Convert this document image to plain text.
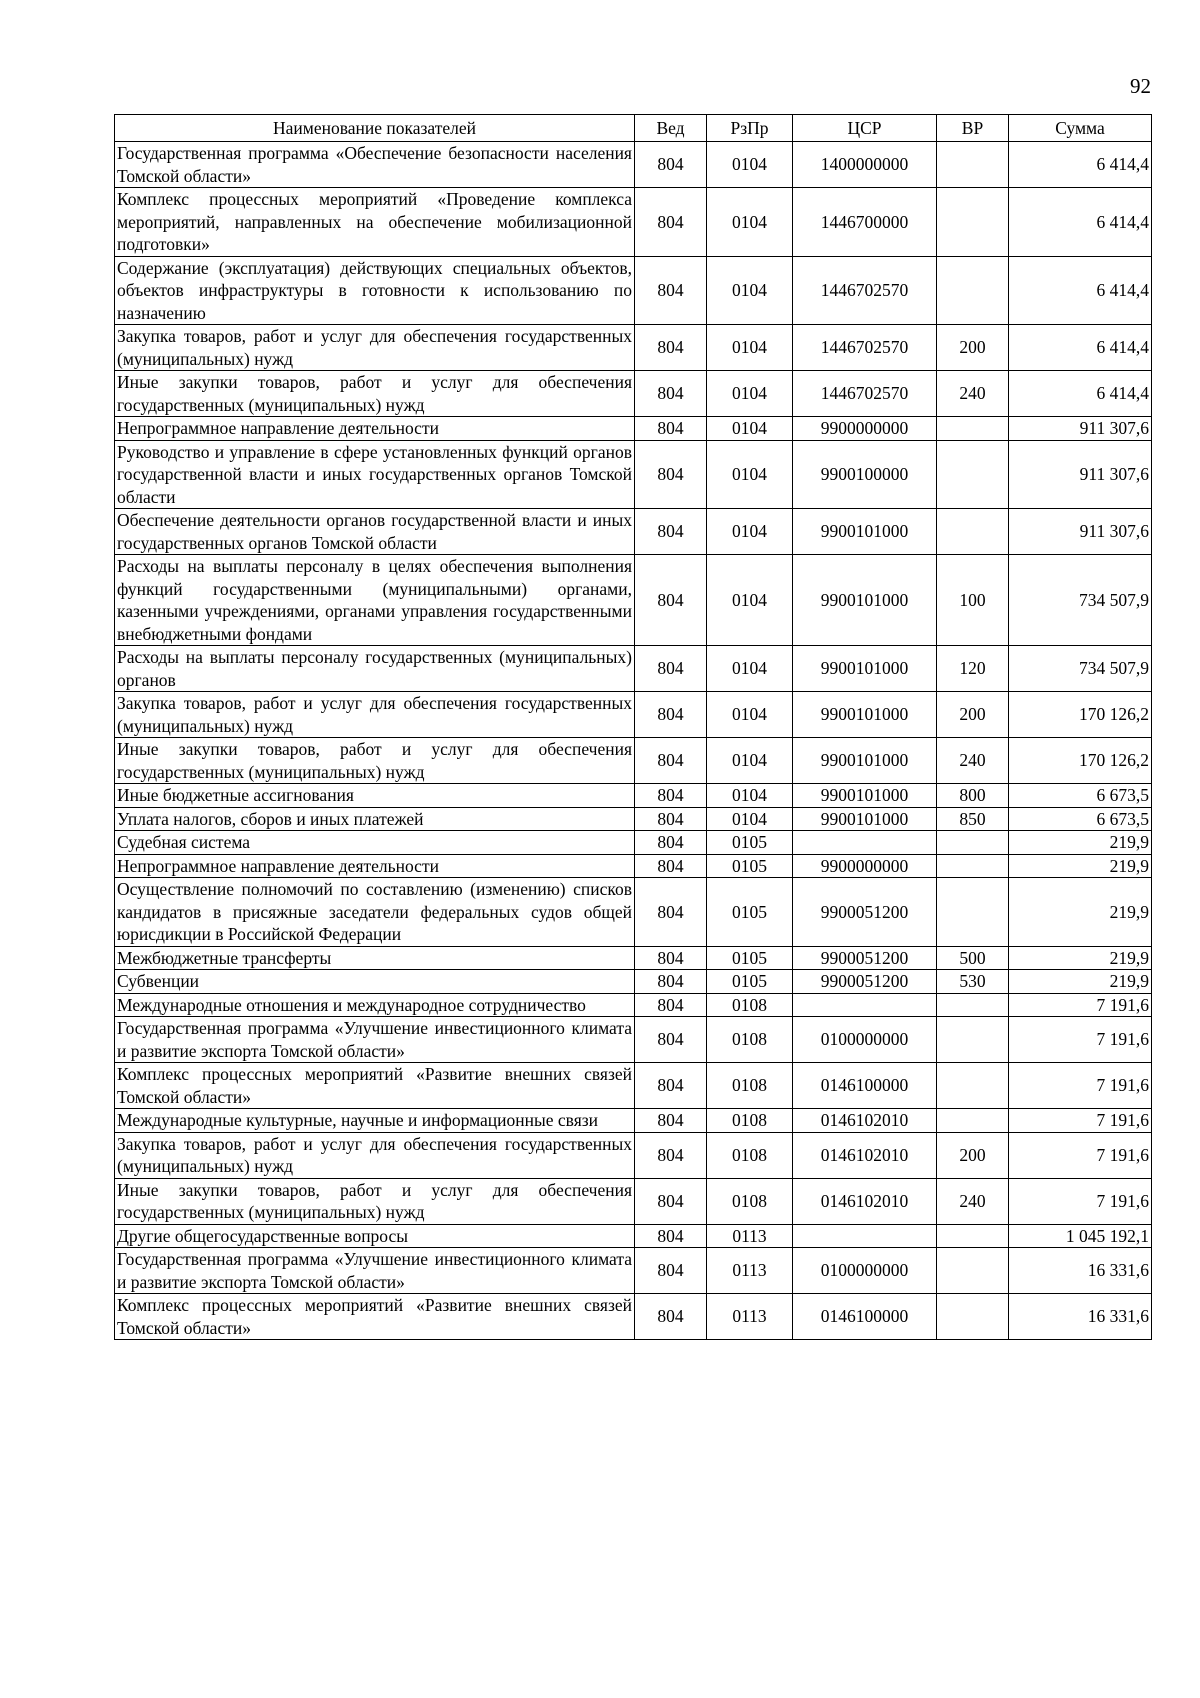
92
Наименование показателей	Вед	РзПр	ЦСР	ВР	Сумма
Государственная программа «Обеспечение безопасности населения Томской области»	804	0104	1400000000		6 414,4
Комплекс процессных мероприятий «Проведение комплекса мероприятий, направленных на обеспечение мобилизационной подготовки»	804	0104	1446700000		6 414,4
Содержание (эксплуатация) действующих специальных объектов, объектов инфраструктуры в готовности к использованию по назначению	804	0104	1446702570		6 414,4
Закупка товаров, работ и услуг для обеспечения государственных (муниципальных) нужд	804	0104	1446702570	200	6 414,4
Иные закупки товаров, работ и услуг для обеспечения государственных (муниципальных) нужд	804	0104	1446702570	240	6 414,4
Непрограммное направление деятельности	804	0104	9900000000		911 307,6
Руководство и управление в сфере установленных функций органов государственной власти и иных государственных органов Томской области	804	0104	9900100000		911 307,6
Обеспечение деятельности органов государственной власти и иных государственных органов Томской области	804	0104	9900101000		911 307,6
Расходы на выплаты персоналу в целях обеспечения выполнения функций государственными (муниципальными) органами, казенными учреждениями, органами управления государственными внебюджетными фондами	804	0104	9900101000	100	734 507,9
Расходы на выплаты персоналу государственных (муниципальных) органов	804	0104	9900101000	120	734 507,9
Закупка товаров, работ и услуг для обеспечения государственных (муниципальных) нужд	804	0104	9900101000	200	170 126,2
Иные закупки товаров, работ и услуг для обеспечения государственных (муниципальных) нужд	804	0104	9900101000	240	170 126,2
Иные бюджетные ассигнования	804	0104	9900101000	800	6 673,5
Уплата налогов, сборов и иных платежей	804	0104	9900101000	850	6 673,5
Судебная система	804	0105			219,9
Непрограммное направление деятельности	804	0105	9900000000		219,9
Осуществление полномочий по составлению (изменению) списков кандидатов в присяжные заседатели федеральных судов общей юрисдикции в Российской Федерации	804	0105	9900051200		219,9
Межбюджетные трансферты	804	0105	9900051200	500	219,9
Субвенции	804	0105	9900051200	530	219,9
Международные отношения и международное сотрудничество	804	0108			7 191,6
Государственная программа «Улучшение инвестиционного климата и развитие экспорта Томской области»	804	0108	0100000000		7 191,6
Комплекс процессных мероприятий «Развитие внешних связей Томской области»	804	0108	0146100000		7 191,6
Международные культурные, научные и информационные связи	804	0108	0146102010		7 191,6
Закупка товаров, работ и услуг для обеспечения государственных (муниципальных) нужд	804	0108	0146102010	200	7 191,6
Иные закупки товаров, работ и услуг для обеспечения государственных (муниципальных) нужд	804	0108	0146102010	240	7 191,6
Другие общегосударственные вопросы	804	0113			1 045 192,1
Государственная программа «Улучшение инвестиционного климата и развитие экспорта Томской области»	804	0113	0100000000		16 331,6
Комплекс процессных мероприятий «Развитие внешних связей Томской области»	804	0113	0146100000		16 331,6
